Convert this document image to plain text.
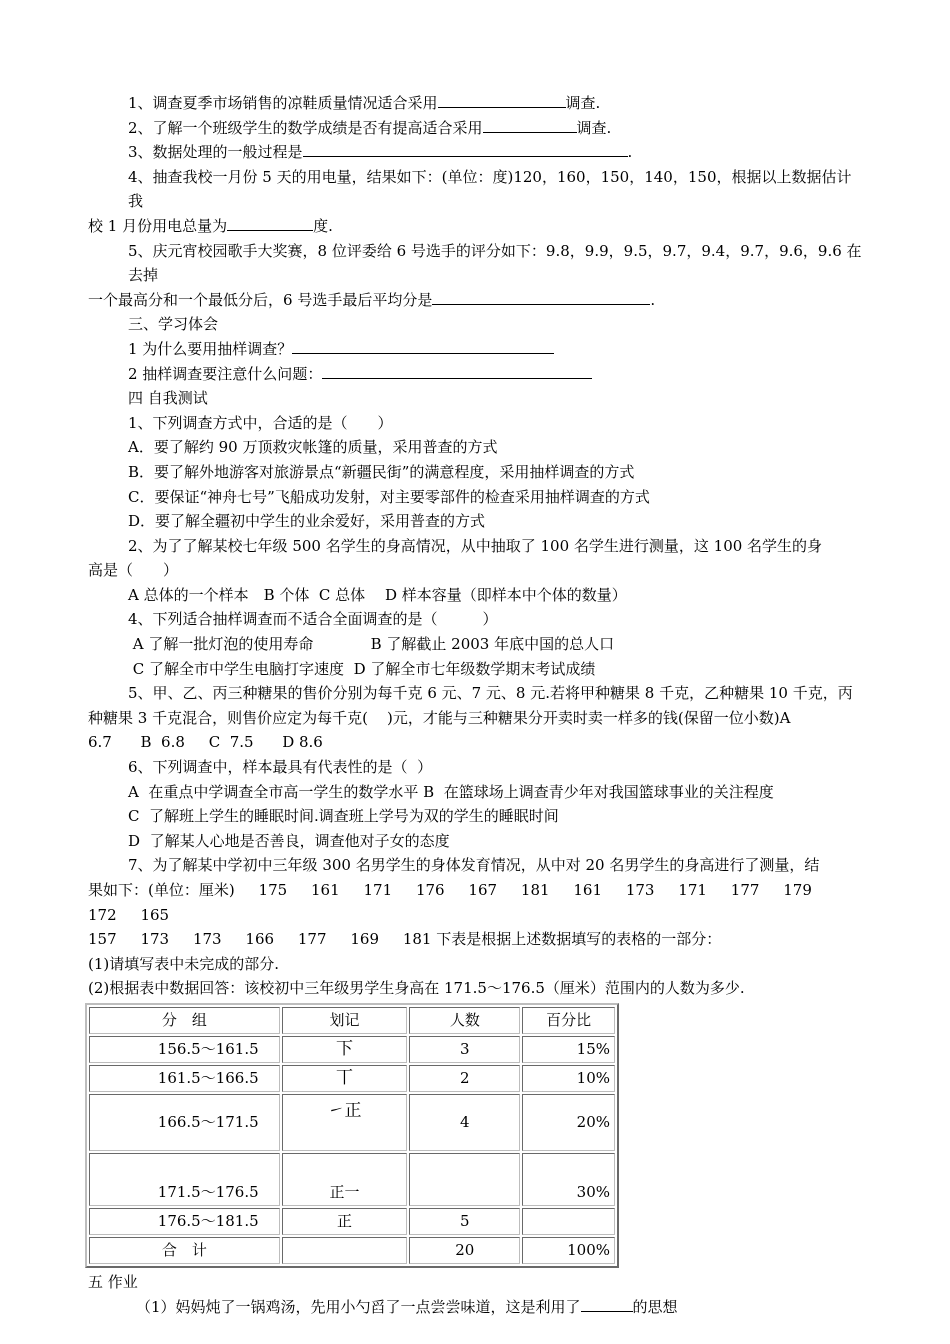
1、调查夏季市场销售的凉鞋质量情况适合采用	调查.

2、了解一个班级学生的数学成绩是否有提高适合采用	调查.

3、数据处理的一般过程是	.

4、抽查我校一月份 5 天的用电量，结果如下：(单位：度)120，160，150，140，150，根据以上数据估计我

校 1 月份用电总量为	度.

5、庆元宵校园歌手大奖赛，8 位评委给 6 号选手的评分如下：9.8，9.9，9.5，9.7，9.4，9.7，9.6，9.6 在去掉

一个最高分和一个最低分后，6 号选手最后平均分是	.

三、学习体会

1 为什么要用抽样调查？

2 抽样调查要注意什么问题：

四 自我测试

1、下列调查方式中，合适的是（　　）

A．要了解约 90 万顶救灾帐篷的质量，采用普查的方式

B．要了解外地游客对旅游景点“新疆民街”的满意程度，采用抽样调查的方式

C．要保证“神舟七号”飞船成功发射，对主要零部件的检查采用抽样调查的方式

D．要了解全疆初中学生的业余爱好，采用普查的方式

2、为了了解某校七年级 500 名学生的身高情况，从中抽取了 100 名学生进行测量，这 100 名学生的身

高是（　　）

A 总体的一个样本　B 个体  C 总体　 D 样本容量（即样本中个体的数量）

4、下列适合抽样调查而不适合全面调查的是（　　　）

A 了解一批灯泡的使用寿命            B 了解截止 2003 年底中国的总人口

C 了解全市中学生电脑打字速度  D 了解全市七年级数学期末考试成绩

5、甲、乙、丙三种糖果的售价分别为每千克 6 元、7 元、8 元.若将甲种糖果 8 千克，乙种糖果 10 千克，丙

种糖果 3 千克混合，则售价应定为每千克(    )元，才能与三种糖果分开卖时卖一样多的钱(保留一位小数)A

6.7      B  6.8     C  7.5      D 8.6

6、下列调查中，样本最具有代表性的是（  ）

A  在重点中学调查全市高一学生的数学水平 B  在篮球场上调查青少年对我国篮球事业的关注程度

C  了解班上学生的睡眠时间.调查班上学号为双的学生的睡眠时间

D  了解某人心地是否善良，调查他对子女的态度

7、为了解某中学初中三年级 300 名男学生的身体发育情况，从中对 20 名男学生的身高进行了测量，结

果如下：(单位：厘米)     175     161     171     176     167     181     161     173     171     177     179     172     165

157     173     173     166     177     169     181 下表是根据上述数据填写的表格的一部分：

(1)请填写表中未完成的部分.

(2)根据表中数据回答：该校初中三年级男学生身高在 171.5～176.5（厘米）范围内的人数为多少.

分　组	划记	人数	百分比
156.5～161.5	下	3	15%
161.5～166.5	丅	2	10%
166.5～171.5	㇀正	4	20%
171.5～176.5	正一		30%
176.5～181.5	正	5	
合　计		20	100%

五 作业

（1）妈妈炖了一锅鸡汤，先用小勺舀了一点尝尝味道，这是利用了	的思想
